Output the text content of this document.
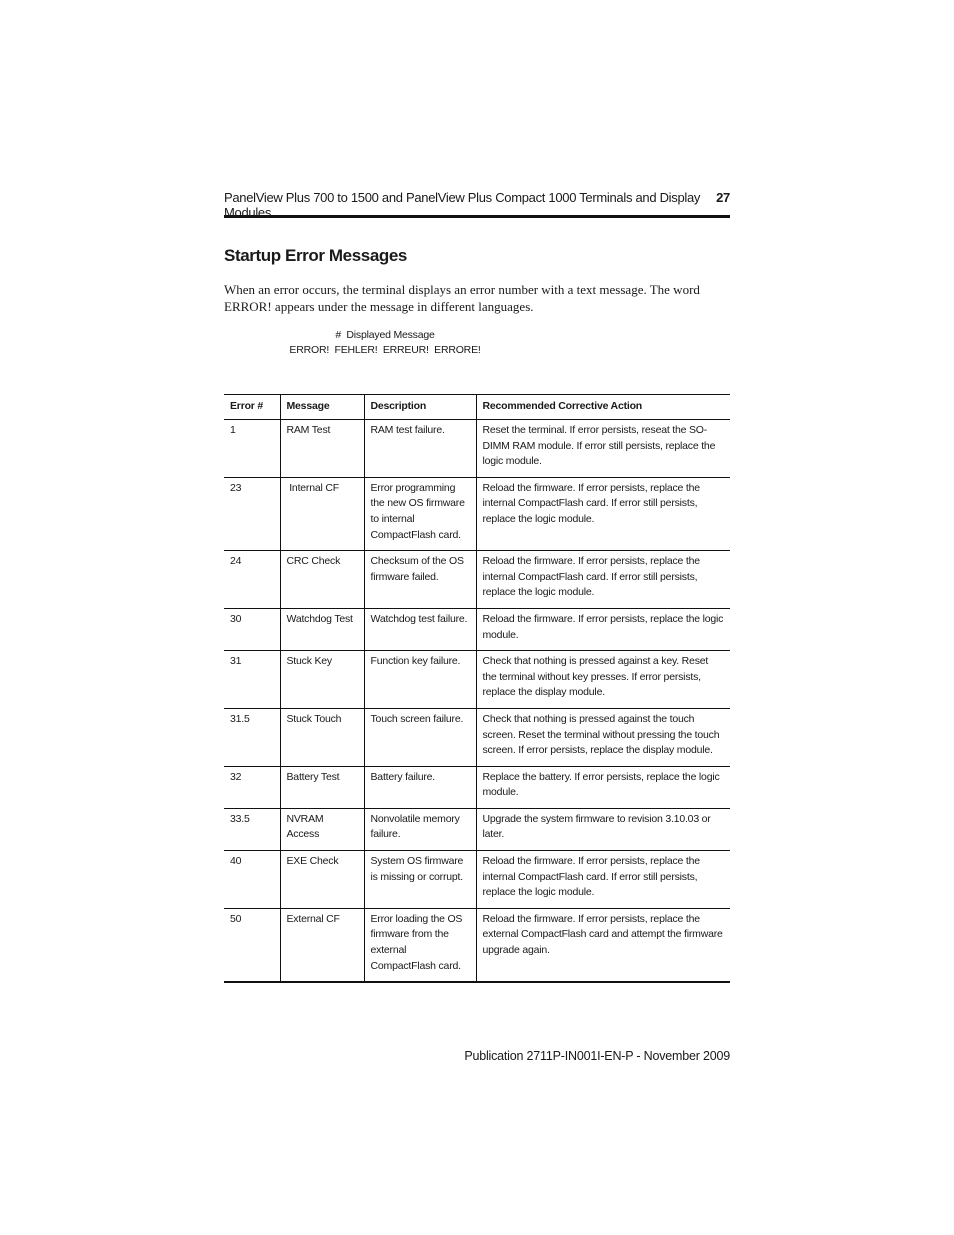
PanelView Plus 700 to 1500 and PanelView Plus Compact 1000 Terminals and Display Modules
27
Startup Error Messages

When an error occurs, the terminal displays an error number with a text message. The word ERROR! appears under the message in different languages.

#  Displayed Message
ERROR!  FEHLER!  ERREUR!  ERRORE!
Error #	Message	Description	Recommended Corrective Action
1	RAM Test	RAM test failure.	Reset the terminal. If error persists, reseat the SO-DIMM RAM module. If error still persists, replace the logic module.
23	Internal CF	Error programming the new OS firmware to internal CompactFlash card.	Reload the firmware. If error persists, replace the internal CompactFlash card. If error still persists, replace the logic module.
24	CRC Check	Checksum of the OS firmware failed.	Reload the firmware. If error persists, replace the internal CompactFlash card. If error still persists, replace the logic module.
30	Watchdog Test	Watchdog test failure.	Reload the firmware. If error persists, replace the logic module.
31	Stuck Key	Function key failure.	Check that nothing is pressed against a key. Reset the terminal without key presses. If error persists, replace the display module.
31.5	Stuck Touch	Touch screen failure.	Check that nothing is pressed against the touch screen. Reset the terminal without pressing the touch screen. If error persists, replace the display module.
32	Battery Test	Battery failure.	Replace the battery. If error persists, replace the logic module.
33.5	NVRAM Access	Nonvolatile memory failure.	Upgrade the system firmware to revision 3.10.03 or later.
40	EXE Check	System OS firmware is missing or corrupt.	Reload the firmware. If error persists, replace the internal CompactFlash card. If error still persists, replace the logic module.
50	External CF	Error loading the OS firmware from the external CompactFlash card.	Reload the firmware. If error persists, replace the external CompactFlash card and attempt the firmware upgrade again.
Publication 2711P-IN001I-EN-P - November 2009
